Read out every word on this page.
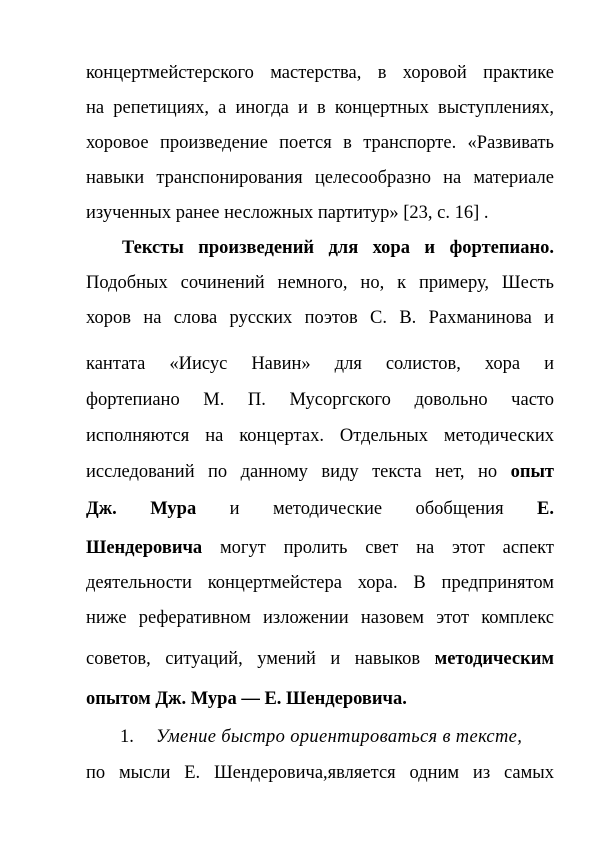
концертмейстерского мастерства, в хоровой практике
на репетициях, а иногда и в концертных выступлениях,
хоровое произведение поется в транспорте. «Развивать
навыки транспонирования целесообразно на материале
изученных ранее несложных партитур» [23, с. 16] .
Тексты произведений для хора и фортепиано.
Подобных сочинений немного, но, к примеру, Шесть
хоров на слова русских поэтов С. В. Рахманинова и
кантата «Иисус Навин» для солистов, хора и
фортепиано М. П. Мусоргского довольно часто
исполняются на концертах. Отдельных методических
исследований по данному виду текста нет, но опыт
Дж. Мура и методические обобщения Е.
Шендеровича могут пролить свет на этот аспект
деятельности концертмейстера хора. В предпринятом
ниже реферативном изложении назовем этот комплекс
советов, ситуаций, умений и навыков методическим
опытом Дж. Мура — Е. Шендеровича.
1. Умение быстро ориентироваться в тексте,
по мысли Е. Шендеровича,является одним из самых
